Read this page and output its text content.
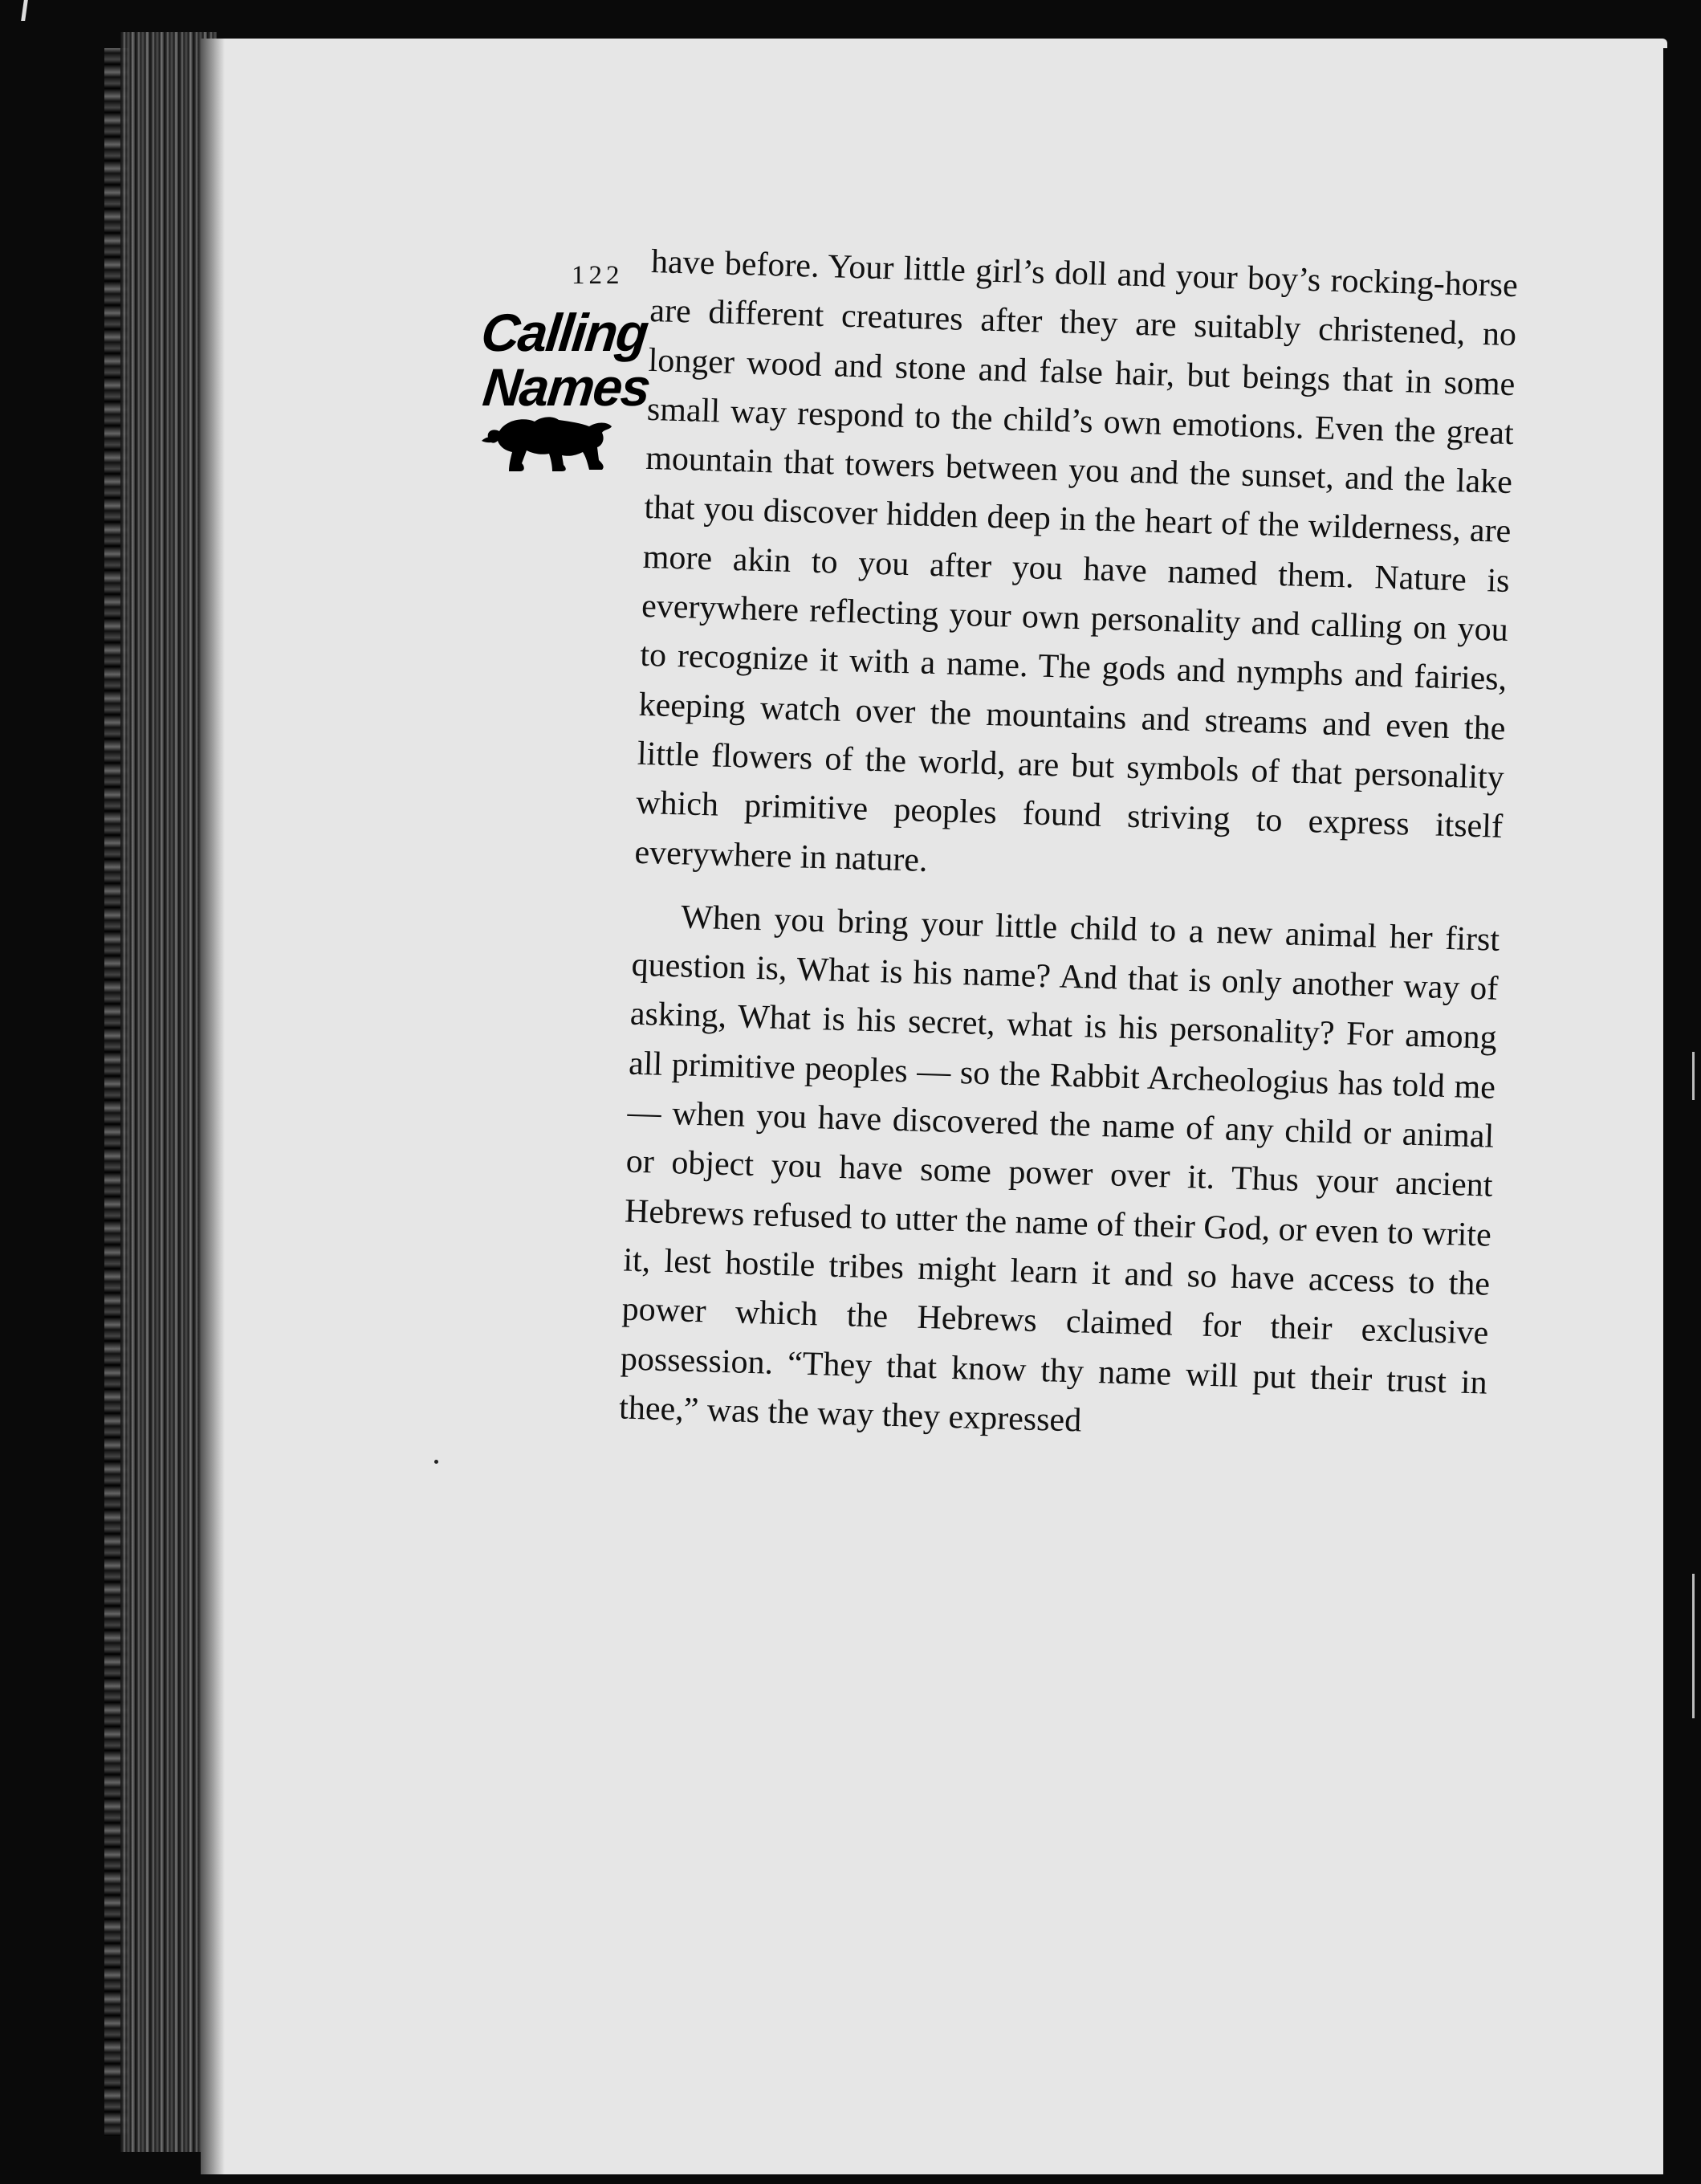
122
Calling
Names

have before. Your little girl’s doll and your boy’s rocking-horse are different creatures after they are suitably christened, no longer wood and stone and false hair, but beings that in some small way respond to the child’s own emotions. Even the great mountain that towers between you and the sunset, and the lake that you discover hidden deep in the heart of the wilderness, are more akin to you after you have named them. Nature is everywhere reflecting your own personality and calling on you to recognize it with a name. The gods and nymphs and fairies, keeping watch over the mountains and streams and even the little flowers of the world, are but symbols of that personality which primitive peoples found striving to express itself everywhere in nature.

When you bring your little child to a new animal her first question is, What is his name? And that is only another way of asking, What is his secret, what is his personality? For among all primitive peoples — so the Rabbit Archeologius has told me — when you have discovered the name of any child or animal or object you have some power over it. Thus your ancient Hebrews refused to utter the name of their God, or even to write it, lest hostile tribes might learn it and so have access to the power which the Hebrews claimed for their exclusive possession. “They that know thy name will put their trust in thee,” was the way they expressed
